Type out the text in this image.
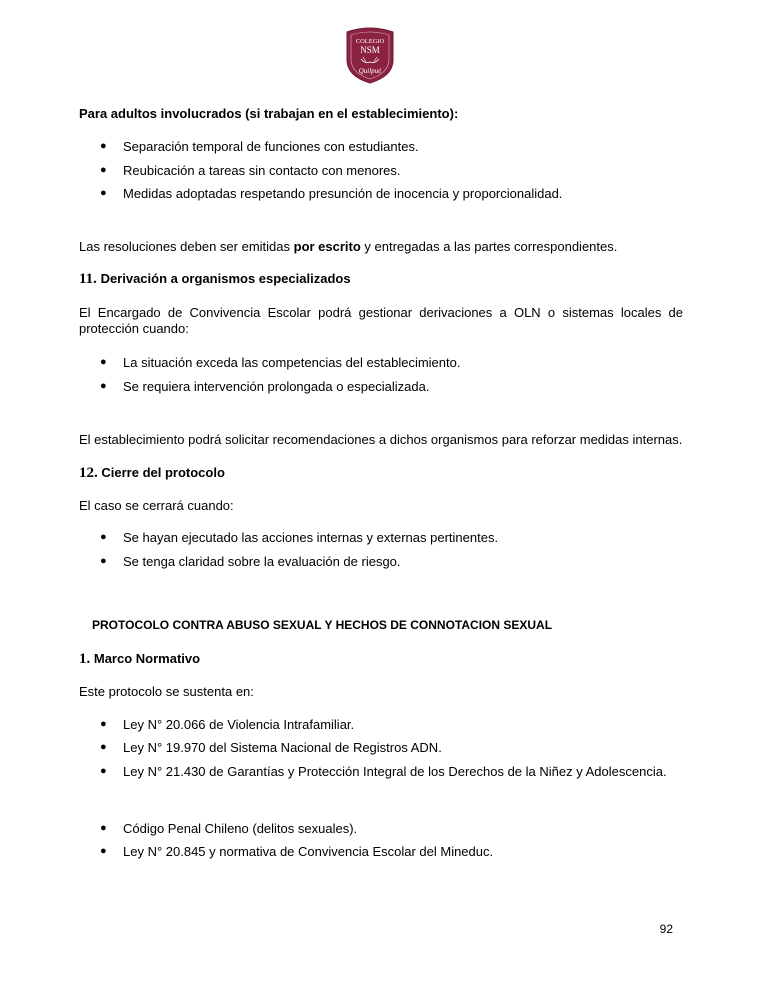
COLEGIO
NSM
Quilpué
Para adultos involucrados (si trabajan en el establecimiento):
● Separación temporal de funciones con estudiantes.
● Reubicación a tareas sin contacto con menores.
● Medidas adoptadas respetando presunción de inocencia y proporcionalidad.
Las resoluciones deben ser emitidas por escrito y entregadas a las partes correspondientes.
11. Derivación a organismos especializados
El Encargado de Convivencia Escolar podrá gestionar derivaciones a OLN o sistemas locales de protección cuando:
● La situación exceda las competencias del establecimiento.
● Se requiera intervención prolongada o especializada.
El establecimiento podrá solicitar recomendaciones a dichos organismos para reforzar medidas internas.
12. Cierre del protocolo
El caso se cerrará cuando:
● Se hayan ejecutado las acciones internas y externas pertinentes.
● Se tenga claridad sobre la evaluación de riesgo.
PROTOCOLO CONTRA ABUSO SEXUAL Y HECHOS DE CONNOTACION SEXUAL
1. Marco Normativo
Este protocolo se sustenta en:
● Ley N° 20.066 de Violencia Intrafamiliar.
● Ley N° 19.970 del Sistema Nacional de Registros ADN.
● Ley N° 21.430 de Garantías y Protección Integral de los Derechos de la Niñez y Adolescencia.
● Código Penal Chileno (delitos sexuales).
● Ley N° 20.845 y normativa de Convivencia Escolar del Mineduc.
92
